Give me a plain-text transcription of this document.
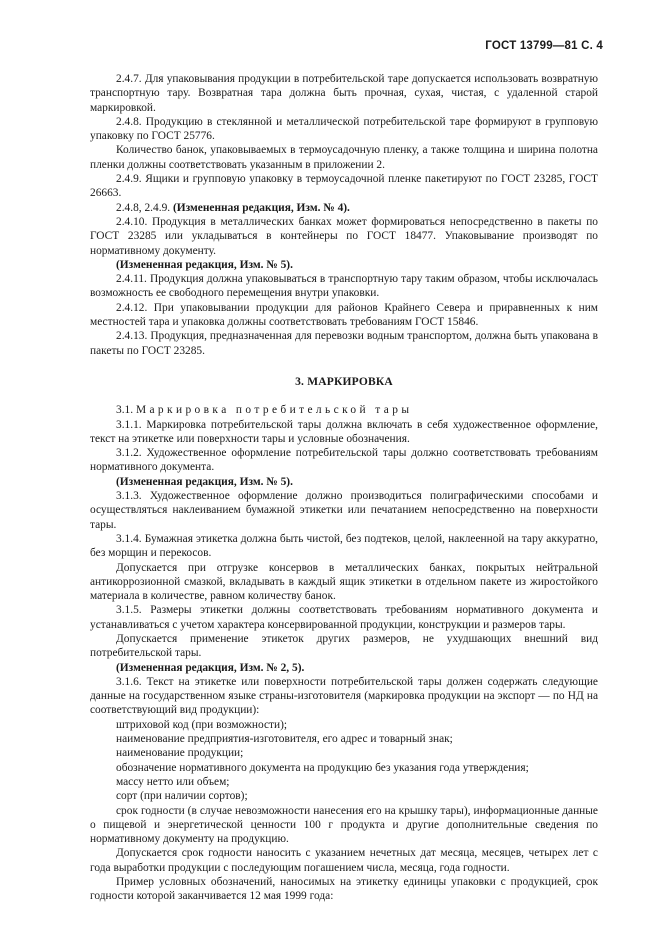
ГОСТ 13799—81 С. 4

2.4.7. Для упаковывания продукции в потребительской таре допускается использовать возвратную транспортную тару. Возвратная тара должна быть прочная, сухая, чистая, с удаленной старой маркировкой.

2.4.8. Продукцию в стеклянной и металлической потребительской таре формируют в групповую упаковку по ГОСТ 25776.

Количество банок, упаковываемых в термоусадочную пленку, а также толщина и ширина полотна пленки должны соответствовать указанным в приложении 2.

2.4.9. Ящики и групповую упаковку в термоусадочной пленке пакетируют по ГОСТ 23285, ГОСТ 26663.

2.4.8, 2.4.9. (Измененная редакция, Изм. № 4).

2.4.10. Продукция в металлических банках может формироваться непосредственно в пакеты по ГОСТ 23285 или укладываться в контейнеры по ГОСТ 18477. Упаковывание производят по нормативному документу.

(Измененная редакция, Изм. № 5).

2.4.11. Продукция должна упаковываться в транспортную тару таким образом, чтобы исключалась возможность ее свободного перемещения внутри упаковки.

2.4.12. При упаковывании продукции для районов Крайнего Севера и приравненных к ним местностей тара и упаковка должны соответствовать требованиям ГОСТ 15846.

2.4.13. Продукция, предназначенная для перевозки водным транспортом, должна быть упакована в пакеты по ГОСТ 23285.

3. МАРКИРОВКА

3.1. Маркировка потребительской тары

3.1.1. Маркировка потребительской тары должна включать в себя художественное оформление, текст на этикетке или поверхности тары и условные обозначения.

3.1.2. Художественное оформление потребительской тары должно соответствовать требованиям нормативного документа.

(Измененная редакция, Изм. № 5).

3.1.3. Художественное оформление должно производиться полиграфическими способами и осуществляться наклеиванием бумажной этикетки или печатанием непосредственно на поверхности тары.

3.1.4. Бумажная этикетка должна быть чистой, без подтеков, целой, наклеенной на тару аккуратно, без морщин и перекосов.

Допускается при отгрузке консервов в металлических банках, покрытых нейтральной антикоррозионной смазкой, вкладывать в каждый ящик этикетки в отдельном пакете из жиростойкого материала в количестве, равном количеству банок.

3.1.5. Размеры этикетки должны соответствовать требованиям нормативного документа и устанавливаться с учетом характера консервированной продукции, конструкции и размеров тары.

Допускается применение этикеток других размеров, не ухудшающих внешний вид потребительской тары.

(Измененная редакция, Изм. № 2, 5).

3.1.6. Текст на этикетке или поверхности потребительской тары должен содержать следующие данные на государственном языке страны-изготовителя (маркировка продукции на экспорт — по НД на соответствующий вид продукции):

штриховой код (при возможности);

наименование предприятия-изготовителя, его адрес и товарный знак;

наименование продукции;

обозначение нормативного документа на продукцию без указания года утверждения;

массу нетто или объем;

сорт (при наличии сортов);

срок годности (в случае невозможности нанесения его на крышку тары), информационные данные о пищевой и энергетической ценности 100 г продукта и другие дополнительные сведения по нормативному документу на продукцию.

Допускается срок годности наносить с указанием нечетных дат месяца, месяцев, четырех лет с года выработки продукции с последующим погашением числа, месяца, года годности.

Пример условных обозначений, наносимых на этикетку единицы упаковки с продукцией, срок годности которой заканчивается 12 мая 1999 года:
